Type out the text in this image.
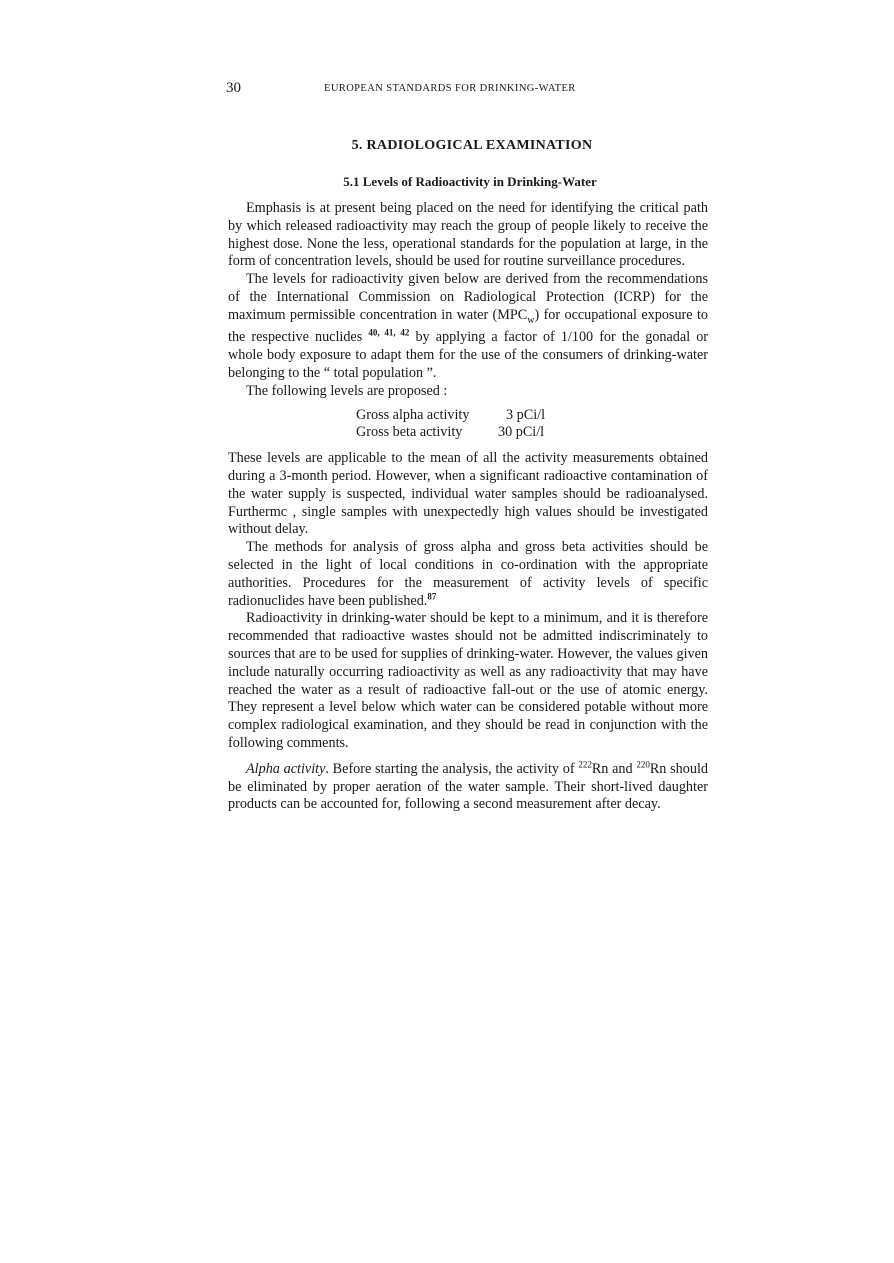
30	EUROPEAN STANDARDS FOR DRINKING-WATER
5. RADIOLOGICAL EXAMINATION
5.1 Levels of Radioactivity in Drinking-Water

Emphasis is at present being placed on the need for identifying the critical path by which released radioactivity may reach the group of people likely to receive the highest dose. None the less, operational standards for the population at large, in the form of concentration levels, should be used for routine surveillance procedures.

The levels for radioactivity given below are derived from the recommendations of the International Commission on Radiological Protection (ICRP) for the maximum permissible concentration in water $(MPC_w)$ for occupational exposure to the respective nuclides $^{40, 41, 42}$ by applying a factor of 1/100 for the gonadal or whole body exposure to adapt them for the use of the consumers of drinking-water belonging to the “ total population ”.

The following levels are proposed :

Gross alpha activity	3 pCi/l
Gross beta activity	30 pCi/l

These levels are applicable to the mean of all the activity measurements obtained during a 3-month period. However, when a significant radioactive contamination of the water supply is suspected, individual water samples should be radioanalysed. Furthermc , single samples with unexpectedly high values should be investigated without delay.

The methods for analysis of gross alpha and gross beta activities should be selected in the light of local conditions in co-ordination with the appropriate authorities. Procedures for the measurement of activity levels of specific radionuclides have been published.$^{87}$

Radioactivity in drinking-water should be kept to a minimum, and it is therefore recommended that radioactive wastes should not be admitted indiscriminately to sources that are to be used for supplies of drinking-water. However, the values given include naturally occurring radioactivity as well as any radioactivity that may have reached the water as a result of radioactive fall-out or the use of atomic energy. They represent a level below which water can be considered potable without more complex radiological examination, and they should be read in conjunction with the following comments.

Alpha activity. Before starting the analysis, the activity of $^{222}$Rn and $^{220}$Rn should be eliminated by proper aeration of the water sample. Their short-lived daughter products can be accounted for, following a second measurement after decay.
